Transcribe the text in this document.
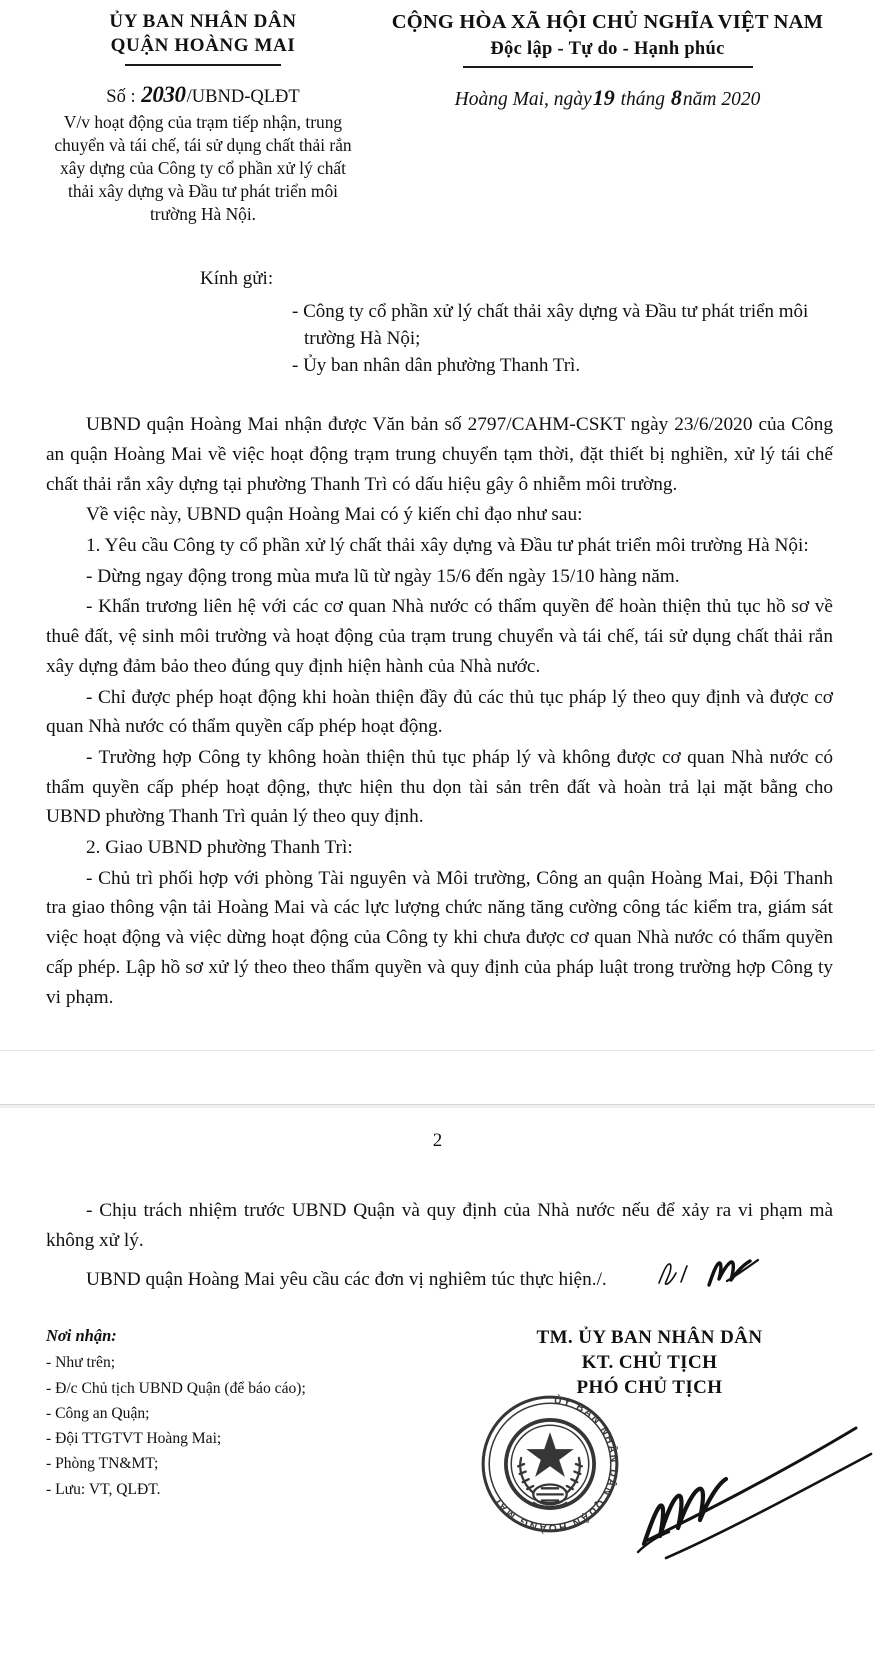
ỦY BAN NHÂN DÂN
QUẬN HOÀNG MAI
Số : 2030/UBND-QLĐT
V/v hoạt động của trạm tiếp nhận, trung chuyển và tái chế, tái sử dụng chất thải rắn xây dựng của Công ty cổ phần xử lý chất thải xây dựng và Đầu tư phát triển môi trường Hà Nội.
CỘNG HÒA XÃ HỘI CHỦ NGHĨA VIỆT NAM
Độc lập - Tự do - Hạnh phúc
Hoàng Mai, ngày19 tháng 8năm 2020
Kính gửi:
- Công ty cổ phần xử lý chất thải xây dựng và Đầu tư phát triển môi trường Hà Nội;
- Ủy ban nhân dân phường Thanh Trì.

UBND quận Hoàng Mai nhận được Văn bản số 2797/CAHM-CSKT ngày 23/6/2020 của Công an quận Hoàng Mai về việc hoạt động trạm trung chuyển tạm thời, đặt thiết bị nghiền, xử lý tái chế chất thải rắn xây dựng tại phường Thanh Trì có dấu hiệu gây ô nhiễm môi trường.

Về việc này, UBND quận Hoàng Mai có ý kiến chỉ đạo như sau:

1. Yêu cầu Công ty cổ phần xử lý chất thải xây dựng và Đầu tư phát triển môi trường Hà Nội:

- Dừng ngay động trong mùa mưa lũ từ ngày 15/6 đến ngày 15/10 hàng năm.

- Khẩn trương liên hệ với các cơ quan Nhà nước có thẩm quyền để hoàn thiện thủ tục hồ sơ về thuê đất, vệ sinh môi trường và hoạt động của trạm trung chuyển và tái chế, tái sử dụng chất thải rắn xây dựng đảm bảo theo đúng quy định hiện hành của Nhà nước.

- Chỉ được phép hoạt động khi hoàn thiện đầy đủ các thủ tục pháp lý theo quy định và được cơ quan Nhà nước có thẩm quyền cấp phép hoạt động.

- Trường hợp Công ty không hoàn thiện thủ tục pháp lý và không được cơ quan Nhà nước có thẩm quyền cấp phép hoạt động, thực hiện thu dọn tài sản trên đất và hoàn trả lại mặt bằng cho UBND phường Thanh Trì quản lý theo quy định.

2. Giao UBND phường Thanh Trì:

- Chủ trì phối hợp với phòng Tài nguyên và Môi trường, Công an quận Hoàng Mai, Đội Thanh tra giao thông vận tải Hoàng Mai và các lực lượng chức năng tăng cường công tác kiểm tra, giám sát việc hoạt động và việc dừng hoạt động của Công ty khi chưa được cơ quan Nhà nước có thẩm quyền cấp phép. Lập hồ sơ xử lý theo theo thẩm quyền và quy định của pháp luật trong trường hợp Công ty vi phạm.

2

- Chịu trách nhiệm trước UBND Quận và quy định của Nhà nước nếu để xảy ra vi phạm mà không xử lý.

UBND quận Hoàng Mai yêu cầu các đơn vị nghiêm túc thực hiện./.

Nơi nhận:
- Như trên;
- Đ/c Chủ tịch UBND Quận (để báo cáo);
- Công an Quận;
- Đội TTGTVT Hoàng Mai;
- Phòng TN&MT;
- Lưu: VT, QLĐT.
TM. ỦY BAN NHÂN DÂN
KT. CHỦ TỊCH
PHÓ CHỦ TỊCH
ỦY BAN NHÂN DÂN QUẬN HOÀNG MAI
